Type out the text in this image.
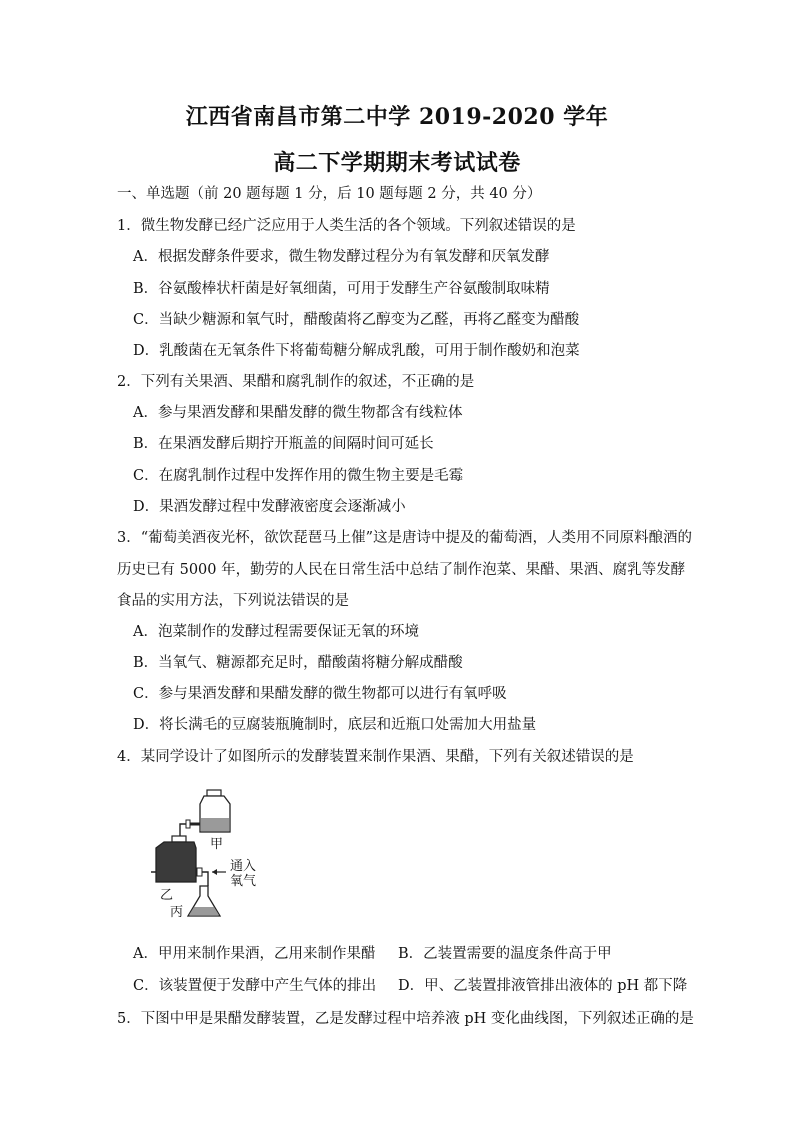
江西省南昌市第二中学 2019-2020 学年
高二下学期期末考试试卷
一、单选题（前 20 题每题 1 分，后 10 题每题 2 分，共 40 分）
1．微生物发酵已经广泛应用于人类生活的各个领域。下列叙述错误的是
A．根据发酵条件要求，微生物发酵过程分为有氧发酵和厌氧发酵
B．谷氨酸棒状杆菌是好氧细菌，可用于发酵生产谷氨酸制取味精
C．当缺少糖源和氧气时，醋酸菌将乙醇变为乙醛，再将乙醛变为醋酸
D．乳酸菌在无氧条件下将葡萄糖分解成乳酸，可用于制作酸奶和泡菜
2．下列有关果酒、果醋和腐乳制作的叙述，不正确的是
A．参与果酒发酵和果醋发酵的微生物都含有线粒体
B．在果酒发酵后期拧开瓶盖的间隔时间可延长
C．在腐乳制作过程中发挥作用的微生物主要是毛霉
D．果酒发酵过程中发酵液密度会逐渐减小
3．“葡萄美酒夜光杯，欲饮琵琶马上催”这是唐诗中提及的葡萄酒，人类用不同原料酿酒的
历史已有 5000 年，勤劳的人民在日常生活中总结了制作泡菜、果醋、果酒、腐乳等发酵
食品的实用方法，下列说法错误的是
A．泡菜制作的发酵过程需要保证无氧的环境
B．当氧气、糖源都充足时，醋酸菌将糖分解成醋酸
C．参与果酒发酵和果醋发酵的微生物都可以进行有氧呼吸
D．将长满毛的豆腐装瓶腌制时，底层和近瓶口处需加大用盐量
4．某同学设计了如图所示的发酵装置来制作果酒、果醋，下列有关叙述错误的是
甲
乙
丙
通入
氧气
A．甲用来制作果酒，乙用来制作果醋 B．乙装置需要的温度条件高于甲
C．该装置便于发酵中产生气体的排出 D．甲、乙装置排液管排出液体的 pH 都下降
5．下图中甲是果醋发酵装置，乙是发酵过程中培养液 pH 变化曲线图，下列叙述正确的是
